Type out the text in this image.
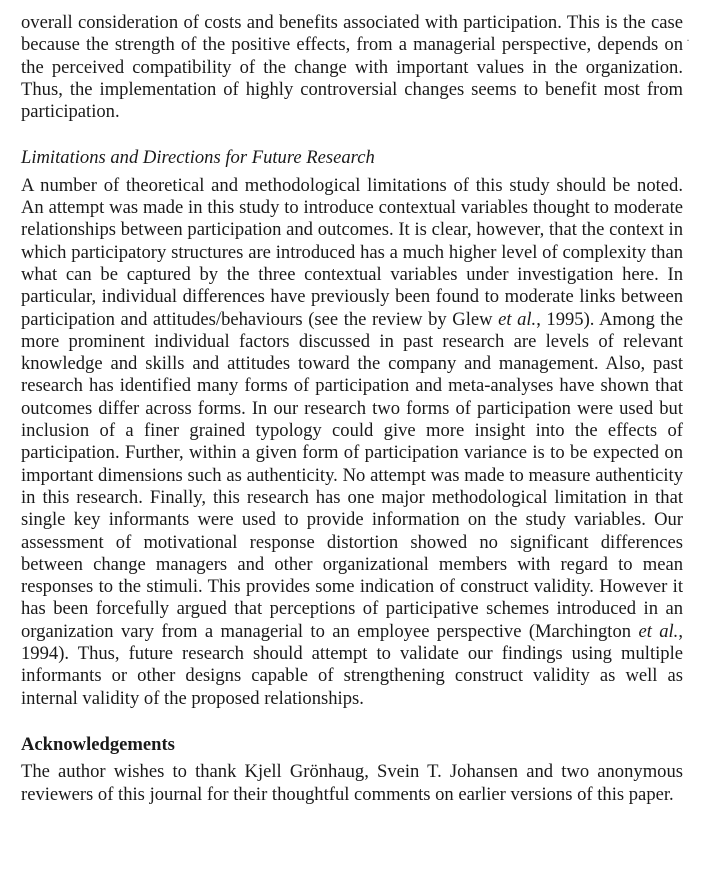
overall consideration of costs and benefits associated with participation. This is the case because the strength of the positive effects, from a managerial perspective, depends on the perceived compatibility of the change with important values in the organization. Thus, the implementation of highly controversial changes seems to benefit most from participation.

Limitations and Directions for Future Research

A number of theoretical and methodological limitations of this study should be noted. An attempt was made in this study to introduce contextual variables thought to moderate relationships between participation and outcomes. It is clear, however, that the context in which participatory structures are introduced has a much higher level of complexity than what can be captured by the three contextual variables under investigation here. In particular, individual differences have previously been found to moderate links between participation and attitudes/behaviours (see the review by Glew et al., 1995). Among the more prominent individual factors discussed in past research are levels of relevant knowledge and skills and attitudes toward the company and management. Also, past research has identified many forms of participation and meta-analyses have shown that outcomes differ across forms. In our research two forms of participation were used but inclusion of a finer grained typology could give more insight into the effects of participation. Further, within a given form of participation variance is to be expected on important dimensions such as authenticity. No attempt was made to measure authenticity in this research. Finally, this research has one major methodological limitation in that single key informants were used to provide information on the study variables. Our assessment of motivational response distortion showed no significant differences between change managers and other organizational members with regard to mean responses to the stimuli. This provides some indication of construct validity. However it has been forcefully argued that perceptions of participative schemes introduced in an organization vary from a managerial to an employee perspective (Marchington et al., 1994). Thus, future research should attempt to validate our findings using multiple informants or other designs capable of strengthening construct validity as well as internal validity of the proposed relationships.

Acknowledgements

The author wishes to thank Kjell Grönhaug, Svein T. Johansen and two anonymous reviewers of this journal for their thoughtful comments on earlier versions of this paper.

·
